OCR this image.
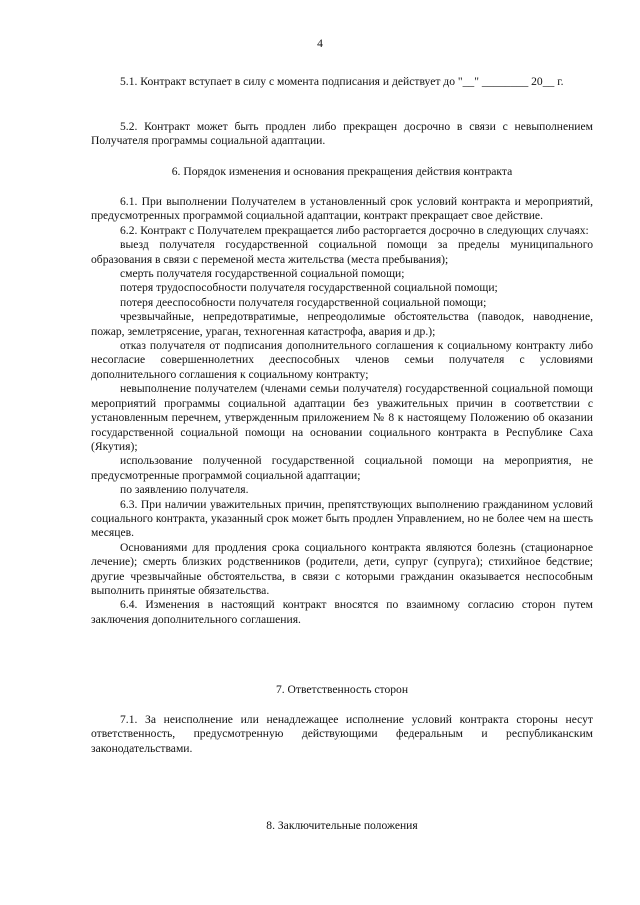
4

5.1. Контракт вступает в силу с момента подписания и действует до "__" ________ 20__ г.

5.2. Контракт может быть продлен либо прекращен досрочно в связи с невыполнением Получателя программы социальной адаптации.

6. Порядок изменения и основания прекращения действия контракта

6.1. При выполнении Получателем в установленный срок условий контракта и мероприятий, предусмотренных программой социальной адаптации, контракт прекращает свое действие.

6.2. Контракт с Получателем прекращается либо расторгается досрочно в следующих случаях:

выезд получателя государственной социальной помощи за пределы муниципального образования в связи с переменой места жительства (места пребывания);

смерть получателя государственной социальной помощи;

потеря трудоспособности получателя государственной социальной помощи;

потеря дееспособности получателя государственной социальной помощи;

чрезвычайные, непредотвратимые, непреодолимые обстоятельства (паводок, наводнение, пожар, землетрясение, ураган, техногенная катастрофа, авария и др.);

отказ получателя от подписания дополнительного соглашения к социальному контракту либо несогласие совершеннолетних дееспособных членов семьи получателя с условиями дополнительного соглашения к социальному контракту;

невыполнение получателем (членами семьи получателя) государственной социальной помощи мероприятий программы социальной адаптации без уважительных причин в соответствии с установленным перечнем, утвержденным приложением № 8 к настоящему Положению об оказании государственной социальной помощи на основании социального контракта в Республике Саха (Якутия);

использование полученной государственной социальной помощи на мероприятия, не предусмотренные программой социальной адаптации;

по заявлению получателя.

6.3. При наличии уважительных причин, препятствующих выполнению гражданином условий социального контракта, указанный срок может быть продлен Управлением, но не более чем на шесть месяцев.

Основаниями для продления срока социального контракта являются болезнь (стационарное лечение); смерть близких родственников (родители, дети, супруг (супруга); стихийное бедствие; другие чрезвычайные обстоятельства, в связи с которыми гражданин оказывается неспособным выполнить принятые обязательства.

6.4. Изменения в настоящий контракт вносятся по взаимному согласию сторон путем заключения дополнительного соглашения.

7. Ответственность сторон

7.1. За неисполнение или ненадлежащее исполнение условий контракта стороны несут ответственность, предусмотренную действующими федеральным и республиканским законодательствами.

8. Заключительные положения
